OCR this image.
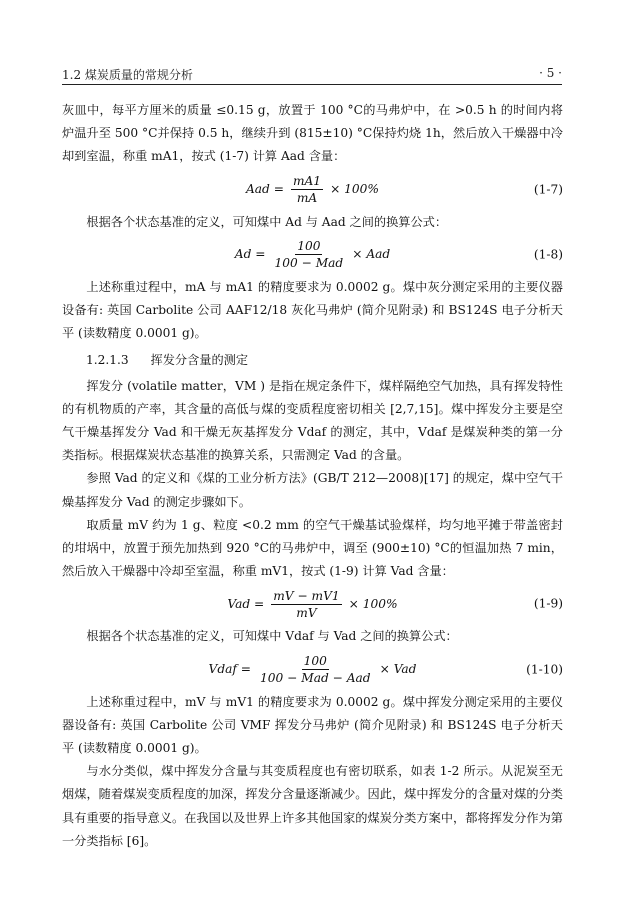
1.2 煤炭质量的常规分析	· 5 ·

灰皿中，每平方厘米的质量 ≤0.15 g，放置于 100 °C的马弗炉中，在 >0.5 h 的时间内将炉温升至 500 °C并保持 0.5 h，继续升到 (815±10) °C保持灼烧 1h，然后放入干燥器中冷却到室温，称重 mA1，按式 (1-7) 计算 Aad 含量：

Aad = $\frac{mA1}{mA} \times 100\%$	(1-7)

根据各个状态基准的定义，可知煤中 Ad 与 Aad 之间的换算公式：

$Ad = \frac{100}{\text{100 − Mad}}$ × Aad	(1-8)

上述称重过程中，mA 与 mA1 的精度要求为 0.0002 g。煤中灰分测定采用的主要仪器设备有: 英国 Carbolite 公司 AAF12/18 灰化马弗炉 (简介见附录) 和 BS124S 电子分析天平 (读数精度 0.0001 g)。

1.2.1.3 挥发分含量的测定

挥发分 (volatile matter，VM ) 是指在规定条件下，煤样隔绝空气加热，具有挥发特性的有机物质的产率，其含量的高低与煤的变质程度密切相关 [2,7,15]。煤中挥发分主要是空气干燥基挥发分 Vad 和干燥无灰基挥发分 Vdaf 的测定，其中，Vdaf 是煤炭种类的第一分类指标。根据煤炭状态基准的换算关系，只需测定 Vad 的含量。

参照 Vad 的定义和《煤的工业分析方法》(GB/T 212—2008)[17] 的规定，煤中空气干燥基挥发分 Vad 的测定步骤如下。

取质量 mV 约为 1 g、粒度 <0.2 mm 的空气干燥基试验煤样，均匀地平摊于带盖密封的坩埚中，放置于预先加热到 920 °C的马弗炉中，调至 (900±10) °C的恒温加热 7 min，然后放入干燥器中冷却至室温，称重 mV1，按式 (1-9) 计算 Vad 含量：

Vad = $\frac{mV - mV1}{mV} \times 100\%$	(1-9)

根据各个状态基准的定义，可知煤中 Vdaf 与 Vad 之间的换算公式：

Vdaf = $\frac{100}{\text{100 − Mad − Aad}}$ × Vad	(1-10)

上述称重过程中，mV 与 mV1 的精度要求为 0.0002 g。煤中挥发分测定采用的主要仪器设备有: 英国 Carbolite 公司 VMF 挥发分马弗炉 (简介见附录) 和 BS124S 电子分析天平 (读数精度 0.0001 g)。

与水分类似，煤中挥发分含量与其变质程度也有密切联系，如表 1-2 所示。从泥炭至无烟煤，随着煤炭变质程度的加深，挥发分含量逐渐减少。因此，煤中挥发分的含量对煤的分类具有重要的指导意义。在我国以及世界上许多其他国家的煤炭分类方案中，都将挥发分作为第一分类指标 [6]。
